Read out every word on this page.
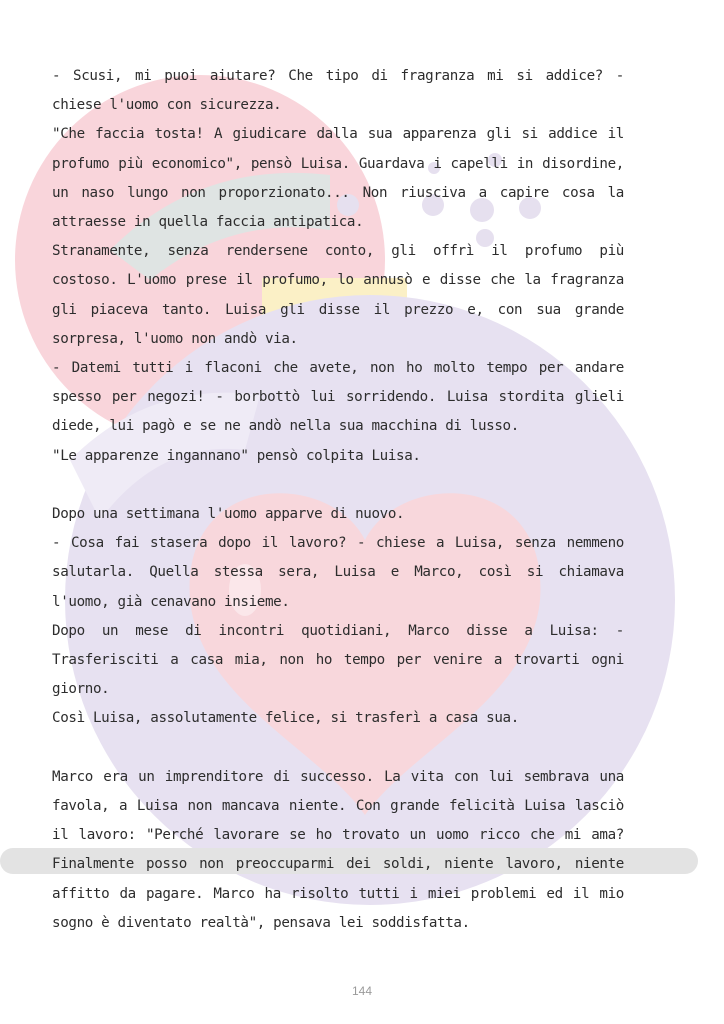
- Scusi, mi puoi aiutare? Che tipo di fragranza mi si addice? - chiese l'uomo con sicurezza.

"Che faccia tosta! A giudicare dalla sua apparenza gli si addice il profumo più economico", pensò Luisa. Guardava i capelli in disordine, un naso lungo non proporzionato... Non riusciva a capire cosa la attraesse in quella faccia antipatica.

Stranamente, senza rendersene conto, gli offrì il profumo più costoso. L'uomo prese il profumo, lo annusò e disse che la fragranza gli piaceva tanto. Luisa gli disse il prezzo e, con sua grande sorpresa, l'uomo non andò via.

- Datemi tutti i flaconi che avete, non ho molto tempo per andare spesso per negozi! - borbottò lui sorridendo. Luisa stordita glieli diede, lui pagò e se ne andò nella sua macchina di lusso.

"Le apparenze ingannano" pensò colpita Luisa.

Dopo una settimana l'uomo apparve di nuovo.

- Cosa fai stasera dopo il lavoro? - chiese a Luisa, senza nemmeno salutarla. Quella stessa sera, Luisa e Marco, così si chiamava l'uomo, già cenavano insieme.

Dopo un mese di incontri quotidiani, Marco disse a Luisa: -Trasferisciti a casa mia, non ho tempo per venire a trovarti ogni giorno.

Così Luisa, assolutamente felice, si trasferì a casa sua.

Marco era un imprenditore di successo. La vita con lui sembrava una favola, a Luisa non mancava niente. Con grande felicità Luisa lasciò il lavoro: "Perché lavorare se ho trovato un uomo ricco che mi ama? Finalmente posso non preoccuparmi dei soldi, niente lavoro, niente affitto da pagare. Marco ha risolto tutti i miei problemi ed il mio sogno è diventato realtà", pensava lei soddisfatta.

144
